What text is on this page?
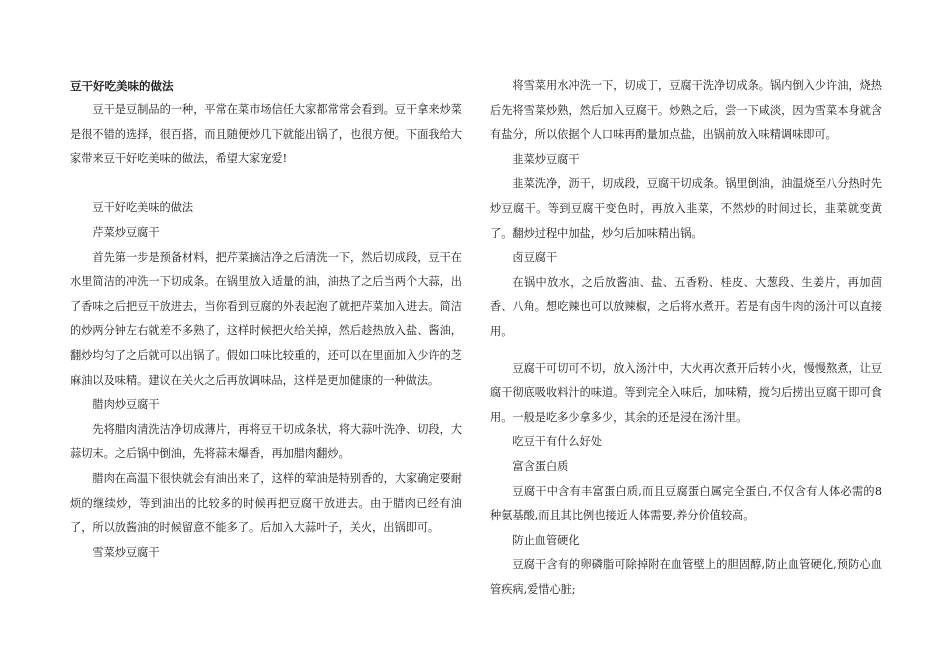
豆干好吃美味的做法

豆干是豆制品的一种，平常在菜市场信任大家都常常会看到。豆干拿来炒菜是很不错的选择，很百搭，而且随便炒几下就能出锅了，也很方便。下面我给大家带来豆干好吃美味的做法，希望大家宠爱!

豆干好吃美味的做法

芹菜炒豆腐干

首先第一步是预备材料，把芹菜摘洁净之后清洗一下，然后切成段，豆干在水里简洁的冲洗一下切成条。在锅里放入适量的油，油热了之后当两个大蒜，出了香味之后把豆干放进去，当你看到豆腐的外表起泡了就把芹菜加入进去。简洁的炒两分钟左右就差不多熟了，这样时候把火给关掉，然后趁热放入盐、酱油，翻炒均匀了之后就可以出锅了。假如口味比较重的，还可以在里面加入少许的芝麻油以及味精。建议在关火之后再放调味品，这样是更加健康的一种做法。

腊肉炒豆腐干

先将腊肉清洗洁净切成薄片，再将豆干切成条状，将大蒜叶洗净、切段，大蒜切末。之后锅中倒油，先将蒜末爆香，再加腊肉翻炒。

腊肉在高温下很快就会有油出来了，这样的荤油是特别香的，大家确定要耐烦的继续炒，等到油出的比较多的时候再把豆腐干放进去。由于腊肉已经有油了，所以放酱油的时候留意不能多了。后加入大蒜叶子，关火，出锅即可。

雪菜炒豆腐干

将雪菜用水冲洗一下，切成丁，豆腐干洗净切成条。锅内倒入少许油，烧热后先将雪菜炒熟，然后加入豆腐干。炒熟之后，尝一下咸淡，因为雪菜本身就含有盐分，所以依据个人口味再酌量加点盐，出锅前放入味精调味即可。

韭菜炒豆腐干

韭菜洗净，沥干，切成段，豆腐干切成条。锅里倒油，油温烧至八分热时先炒豆腐干。等到豆腐干变色时，再放入韭菜，不然炒的时间过长，韭菜就变黄了。翻炒过程中加盐，炒匀后加味精出锅。

卤豆腐干

在锅中放水，之后放酱油、盐、五香粉、桂皮、大葱段、生姜片，再加茴香、八角。想吃辣也可以放辣椒，之后将水煮开。若是有卤牛肉的汤汁可以直接用。

豆腐干可切可不切，放入汤汁中，大火再次煮开后转小火，慢慢熬煮，让豆腐干彻底吸收料汁的味道。等到完全入味后，加味精，搅匀后捞出豆腐干即可食用。一般是吃多少拿多少，其余的还是浸在汤汁里。

吃豆干有什么好处

富含蛋白质

豆腐干中含有丰富蛋白质,而且豆腐蛋白属完全蛋白,不仅含有人体必需的8种氨基酸,而且其比例也接近人体需要,养分价值较高。

防止血管硬化

豆腐干含有的卵磷脂可除掉附在血管壁上的胆固醇,防止血管硬化,预防心血管疾病,爱惜心脏;
